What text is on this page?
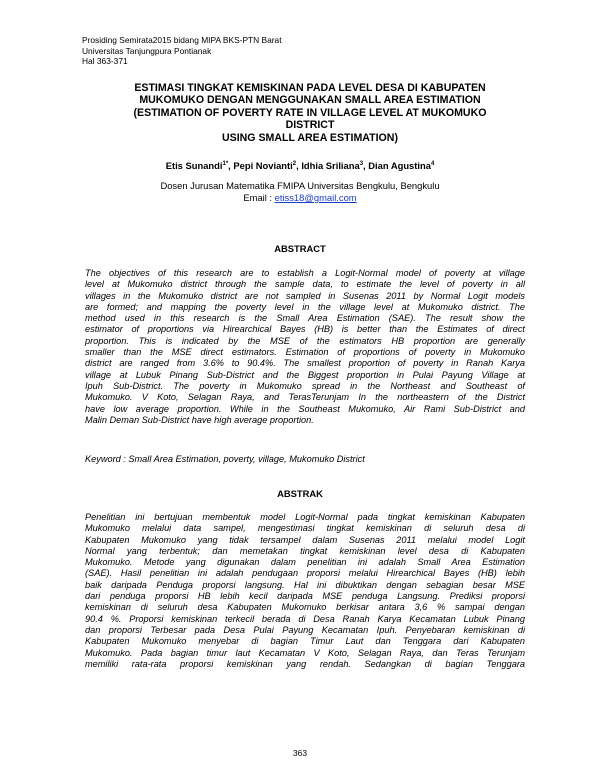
Prosiding Semirata2015 bidang MIPA BKS-PTN Barat
Universitas Tanjungpura Pontianak
Hal 363-371
ESTIMASI TINGKAT KEMISKINAN PADA LEVEL DESA DI KABUPATEN
MUKOMUKO DENGAN MENGGUNAKAN SMALL AREA ESTIMATION
(ESTIMATION OF POVERTY RATE IN VILLAGE LEVEL AT MUKOMUKO
DISTRICT
USING SMALL AREA ESTIMATION)
Etis Sunandi$^{1*}$, Pepi Novianti$^2$, Idhia Sriliana$^3$, Dian Agustina$^4$
Dosen Jurusan Matematika FMIPA Universitas Bengkulu, Bengkulu
Email : etiss18@gmail.com
ABSTRACT
The objectives of this research are to establish a Logit-Normal model of poverty at village
level at Mukomuko district through the sample data, to estimate the level of poverty in all
villages in the Mukomuko district are not sampled in Susenas 2011 by Normal Logit models
are formed; and mapping the poverty level in the village level at Mukomuko district. The
method used in this research is the Small Area Estimation (SAE). The result show the
estimator of proportions via Hirearchical Bayes (HB) is better than the Estimates of direct
proportion. This is indicated by the MSE of the estimators HB proportion are generally
smaller than the MSE direct estimators. Estimation of proportions of poverty in Mukomuko
district are ranged from 3.6% to 90.4%. The smallest proportion of poverty in Ranah Karya
village at Lubuk Pinang Sub-District and the Biggest proportion in Pulai Payung Village at
Ipuh Sub-District. The poverty in Mukomuko spread in the Northeast and Southeast of
Mukomuko. V Koto, Selagan Raya, and TerasTerunjam In the northeastern of the District
have low average proportion. While in the Southeast Mukomuko, Air Rami Sub-District and
Malin Deman Sub-District have high average proportion.
Keyword : Small Area Estimation, poverty, village, Mukomuko District
ABSTRAK
Penelitian ini bertujuan membentuk model Logit-Normal pada tingkat kemiskinan Kabupaten
Mukomuko melalui data sampel, mengestimasi tingkat kemiskinan di seluruh desa di
Kabupaten Mukomuko yang tidak tersampel dalam Susenas 2011 melalui model Logit
Normal yang terbentuk; dan memetakan tingkat kemiskinan level desa di Kabupaten
Mukomuko. Metode yang digunakan dalam penelitian ini adalah Small Area Estimation
(SAE). Hasil penelitian ini adalah pendugaan proporsi melalui Hirearchical Bayes (HB) lebih
baik daripada Penduga proporsi langsung. Hal ini dibuktikan dengan sebagian besar MSE
dari penduga proporsi HB lebih kecil daripada MSE penduga Langsung. Prediksi proporsi
kemiskinan di seluruh desa Kabupaten Mukomuko berkisar antara 3,6 % sampai dengan
90.4 %. Proporsi kemiskinan terkecil berada di Desa Ranah Karya Kecamatan Lubuk Pinang
dan proporsi Terbesar pada Desa Pulai Payung Kecamatan Ipuh. Penyebaran kemiskinan di
Kabupaten Mukomuko menyebar di bagian Timur Laut dan Tenggara dari Kabupaten
Mukomuko. Pada bagian timur laut Kecamatan V Koto, Selagan Raya, dan Teras Terunjam
memiliki rata-rata proporsi kemiskinan yang rendah. Sedangkan di bagian Tenggara
363
